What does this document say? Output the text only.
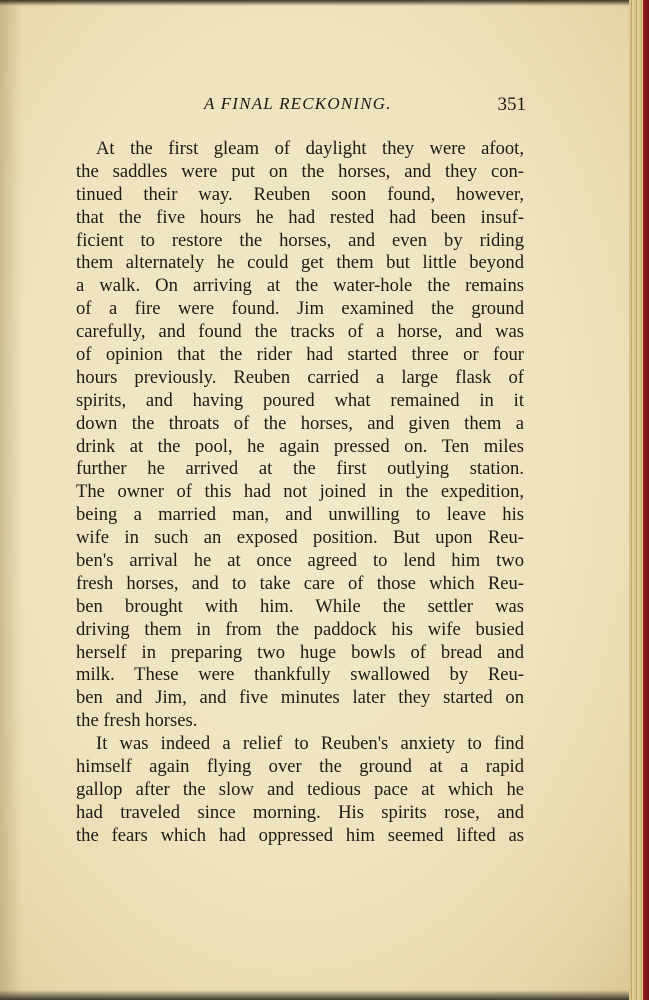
A FINAL RECKONING.	351
At the first gleam of daylight they were afoot,
the saddles were put on the horses, and they con-
tinued their way. Reuben soon found, however,
that the five hours he had rested had been insuf-
ficient to restore the horses, and even by riding
them alternately he could get them but little beyond
a walk. On arriving at the water-hole the remains
of a fire were found. Jim examined the ground
carefully, and found the tracks of a horse, and was
of opinion that the rider had started three or four
hours previously. Reuben carried a large flask of
spirits, and having poured what remained in it
down the throats of the horses, and given them a
drink at the pool, he again pressed on. Ten miles
further he arrived at the first outlying station.
The owner of this had not joined in the expedition,
being a married man, and unwilling to leave his
wife in such an exposed position. But upon Reu-
ben's arrival he at once agreed to lend him two
fresh horses, and to take care of those which Reu-
ben brought with him. While the settler was
driving them in from the paddock his wife busied
herself in preparing two huge bowls of bread and
milk. These were thankfully swallowed by Reu-
ben and Jim, and five minutes later they started on
the fresh horses.
It was indeed a relief to Reuben's anxiety to find
himself again flying over the ground at a rapid
gallop after the slow and tedious pace at which he
had traveled since morning. His spirits rose, and
the fears which had oppressed him seemed lifted as
